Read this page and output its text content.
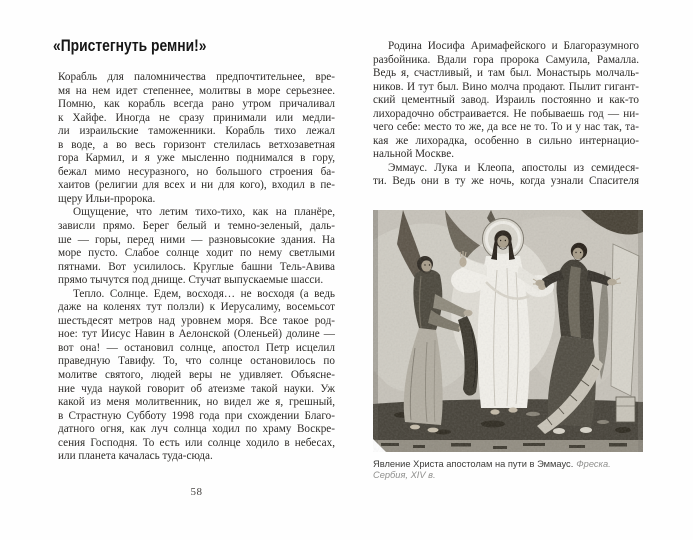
«Пристегнуть ремни!»
Корабль для паломничества предпочтительнее, вре-
мя на нем идет степеннее, молитвы в море серьезнее.
Помню, как корабль всегда рано утром причаливал
к Хайфе. Иногда не сразу принимали или медли-
ли израильские таможенники. Корабль тихо лежал
в воде, а во весь горизонт стелилась ветхозаветная
гора Кармил, и я уже мысленно поднимался в гору,
бежал мимо несуразного, но большого строения ба-
хаитов (религии для всех и ни для кого), входил в пе-
щеру Ильи-пророка.
Ощущение, что летим тихо-тихо, как на планёре,
зависли прямо. Берег белый и темно-зеленый, даль-
ше — горы, перед ними — разновысокие здания. На
море пусто. Слабое солнце ходит по нему светлыми
пятнами. Вот усилилось. Круглые башни Тель-Авива
прямо тычутся под днище. Стучат выпускаемые шасси.
Тепло. Солнце. Едем, восходя… не восходя (а ведь
даже на коленях тут ползли) к Иерусалиму, восемьсот
шестьдесят метров над уровнем моря. Все такое род-
ное: тут Иисус Навин в Аелонской (Оленьей) долине —
вот она! — остановил солнце, апостол Петр исцелил
праведную Тавифу. То, что солнце остановилось по
молитве святого, людей веры не удивляет. Объясне-
ние чуда наукой говорит об атеизме такой науки. Уж
какой из меня молитвенник, но видел же я, грешный,
в Страстную Субботу 1998 года при схождении Благо-
датного огня, как луч солнца ходил по храму Воскре-
сения Господня. То есть или солнце ходило в небесах,
или планета качалась туда-сюда.
58
Родина Иосифа Аримафейского и Благоразумного
разбойника. Вдали гора пророка Самуила, Рамалла.
Ведь я, счастливый, и там был. Монастырь молчаль-
ников. И тут был. Вино молча продают. Пылит гигант-
ский цементный завод. Израиль постоянно и как-то
лихорадочно обстраивается. Не побываешь год — ни-
чего себе: место то же, да все не то. То и у нас так, та-
кая же лихорадка, особенно в сильно интернацио-
нальной Москве.
Эммаус. Лука и Клеопа, апостолы из семидеся-
ти. Ведь они в ту же ночь, когда узнали Спасителя
Явление Христа апостолам на пути в Эммаус. Фреска. Сербия, XIV в.
